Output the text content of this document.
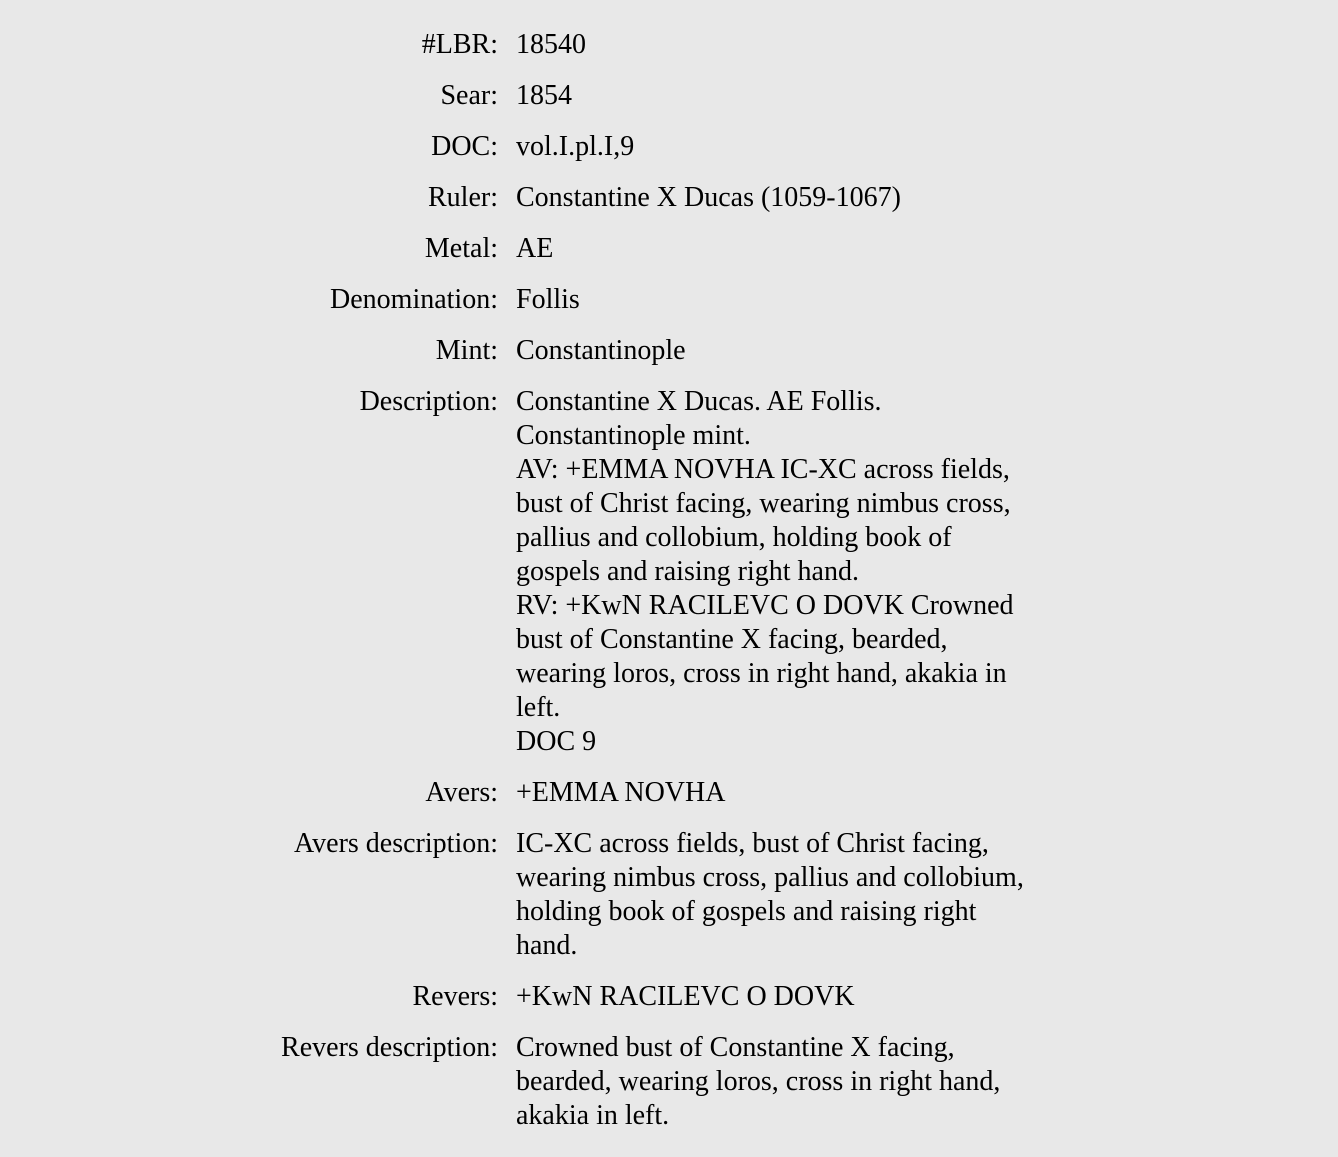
#LBR: 18540
Sear: 1854
DOC: vol.I.pl.I,9
Ruler: Constantine X Ducas (1059-1067)
Metal: AE
Denomination: Follis
Mint: Constantinople
Description: Constantine X Ducas. AE Follis.
Constantinople mint.
AV: +EMMA NOVHA IC-XC across fields,
bust of Christ facing, wearing nimbus cross,
pallius and collobium, holding book of
gospels and raising right hand.
RV: +KwN RACILEVC O DOVK Crowned
bust of Constantine X facing, bearded,
wearing loros, cross in right hand, akakia in
left.
DOC 9
Avers: +EMMA NOVHA
Avers description: IC-XC across fields, bust of Christ facing,
wearing nimbus cross, pallius and collobium,
holding book of gospels and raising right
hand.
Revers: +KwN RACILEVC O DOVK
Revers description: Crowned bust of Constantine X facing,
bearded, wearing loros, cross in right hand,
akakia in left.
